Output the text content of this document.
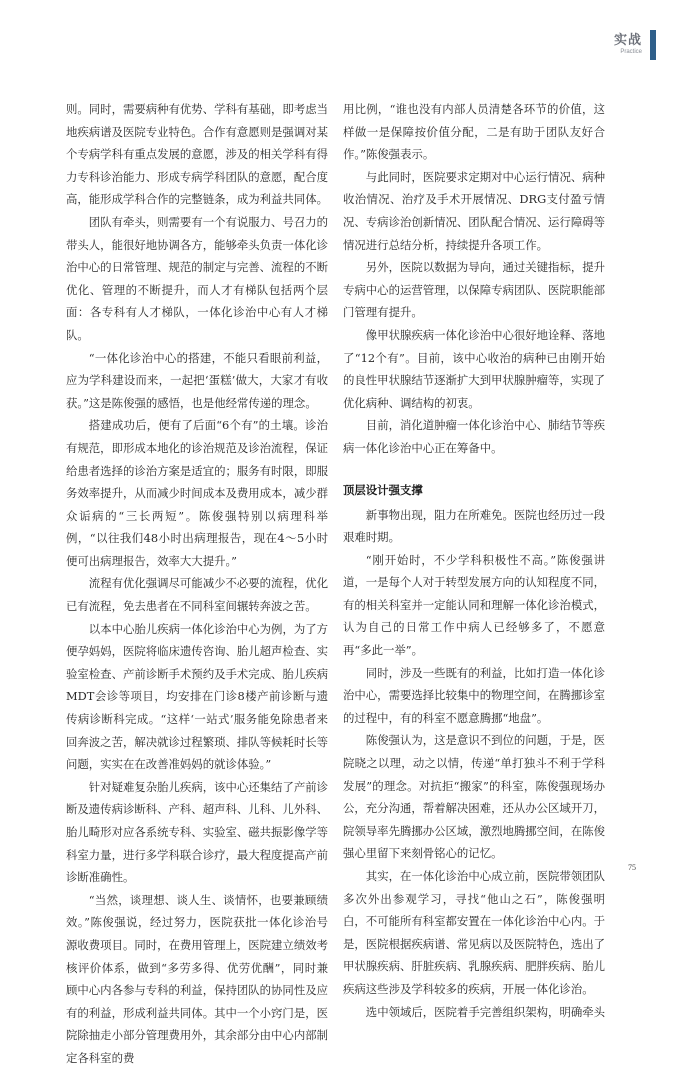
实战
Practice

则。同时，需要病种有优势、学科有基础，即考虑当地疾病谱及医院专业特色。合作有意愿则是强调对某个专病学科有重点发展的意愿，涉及的相关学科有得力专科诊治能力、形成专病学科团队的意愿，配合度高，能形成学科合作的完整链条，成为利益共同体。

团队有牵头，则需要有一个有说服力、号召力的带头人，能很好地协调各方，能够牵头负责一体化诊治中心的日常管理、规范的制定与完善、流程的不断优化、管理的不断提升，而人才有梯队包括两个层面：各专科有人才梯队，一体化诊治中心有人才梯队。

“一体化诊治中心的搭建，不能只看眼前利益，应为学科建设而来，一起把‘蛋糕’做大，大家才有收获。”这是陈俊强的感悟，也是他经常传递的理念。

搭建成功后，便有了后面“6个有”的土壤。诊治有规范，即形成本地化的诊治规范及诊治流程，保证给患者选择的诊治方案是适宜的；服务有时限，即服务效率提升，从而减少时间成本及费用成本，减少群众诟病的“三长两短”。陈俊强特别以病理科举例，“以往我们48小时出病理报告，现在4～5小时便可出病理报告，效率大大提升。”

流程有优化强调尽可能减少不必要的流程，优化已有流程，免去患者在不同科室间辗转奔波之苦。

以本中心胎儿疾病一体化诊治中心为例，为了方便孕妈妈，医院将临床遗传咨询、胎儿超声检查、实验室检查、产前诊断手术预约及手术完成、胎儿疾病MDT会诊等项目，均安排在门诊8楼产前诊断与遗传病诊断科完成。“这样‘一站式’服务能免除患者来回奔波之苦，解决就诊过程繁琐、排队等候耗时长等问题，实实在在改善准妈妈的就诊体验。”

针对疑难复杂胎儿疾病，该中心还集结了产前诊断及遗传病诊断科、产科、超声科、儿科、儿外科、胎儿畸形对应各系统专科、实验室、磁共振影像学等科室力量，进行多学科联合诊疗，最大程度提高产前诊断准确性。

“当然，谈理想、谈人生、谈情怀，也要兼顾绩效。”陈俊强说，经过努力，医院获批一体化诊治号源收费项目。同时，在费用管理上，医院建立绩效考核评价体系，做到“多劳多得、优劳优酬”，同时兼顾中心内各参与专科的利益，保持团队的协同性及应有的利益，形成利益共同体。其中一个小窍门是，医院除抽走小部分管理费用外，其余部分由中心内部制定各科室的费

用比例，“谁也没有内部人员清楚各环节的价值，这样做一是保障按价值分配，二是有助于团队友好合作。”陈俊强表示。

与此同时，医院要求定期对中心运行情况、病种收治情况、治疗及手术开展情况、DRG支付盈亏情况、专病诊治创新情况、团队配合情况、运行障碍等情况进行总结分析，持续提升各项工作。

另外，医院以数据为导向，通过关键指标，提升专病中心的运营管理，以保障专病团队、医院职能部门管理有提升。

像甲状腺疾病一体化诊治中心很好地诠释、落地了“12个有”。目前，该中心收治的病种已由刚开始的良性甲状腺结节逐渐扩大到甲状腺肿瘤等，实现了优化病种、调结构的初衷。

目前，消化道肿瘤一体化诊治中心、肺结节等疾病一体化诊治中心正在筹备中。

顶层设计强支撑

新事物出现，阻力在所难免。医院也经历过一段艰难时期。

“刚开始时，不少学科积极性不高。”陈俊强讲道，一是每个人对于转型发展方向的认知程度不同，有的相关科室并一定能认同和理解一体化诊治模式，认为自己的日常工作中病人已经够多了，不愿意再“多此一举”。

同时，涉及一些既有的利益，比如打造一体化诊治中心，需要选择比较集中的物理空间，在腾挪诊室的过程中，有的科室不愿意腾挪“地盘”。

陈俊强认为，这是意识不到位的问题，于是，医院晓之以理，动之以情，传递“单打独斗不利于学科发展”的理念。对抗拒“搬家”的科室，陈俊强现场办公，充分沟通，帮着解决困难，还从办公区域开刀，院领导率先腾挪办公区域，激烈地腾挪空间，在陈俊强心里留下来刻骨铭心的记忆。

其实，在一体化诊治中心成立前，医院带领团队多次外出参观学习，寻找“他山之石”，陈俊强明白，不可能所有科室都安置在一体化诊治中心内。于是，医院根据疾病谱、常见病以及医院特色，选出了甲状腺疾病、肝脏疾病、乳腺疾病、肥胖疾病、胎儿疾病这些涉及学科较多的疾病，开展一体化诊治。

选中领域后，医院着手完善组织架构，明确牵头

75
